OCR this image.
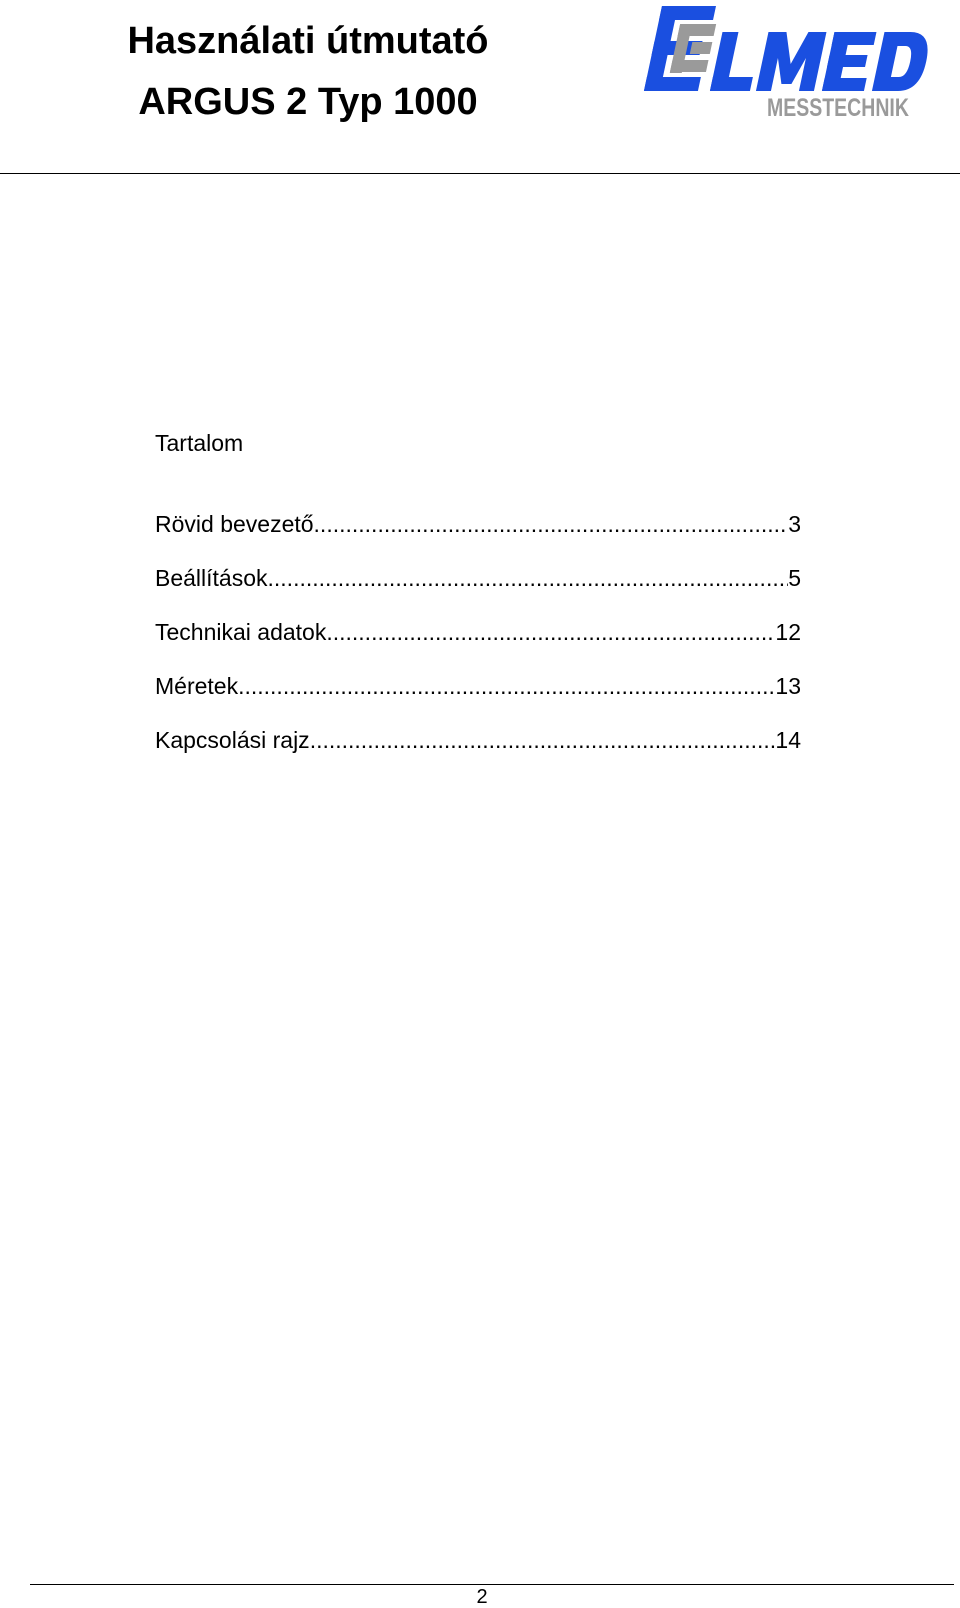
Használati útmutató
ARGUS 2 Typ 1000	MESSTECHNIK
Tartalom
Rövid bevezető .....	3
Beállítások .....	5
Technikai adatok .....	12
Méretek .....	13
Kapcsolási rajz .....	14
2
